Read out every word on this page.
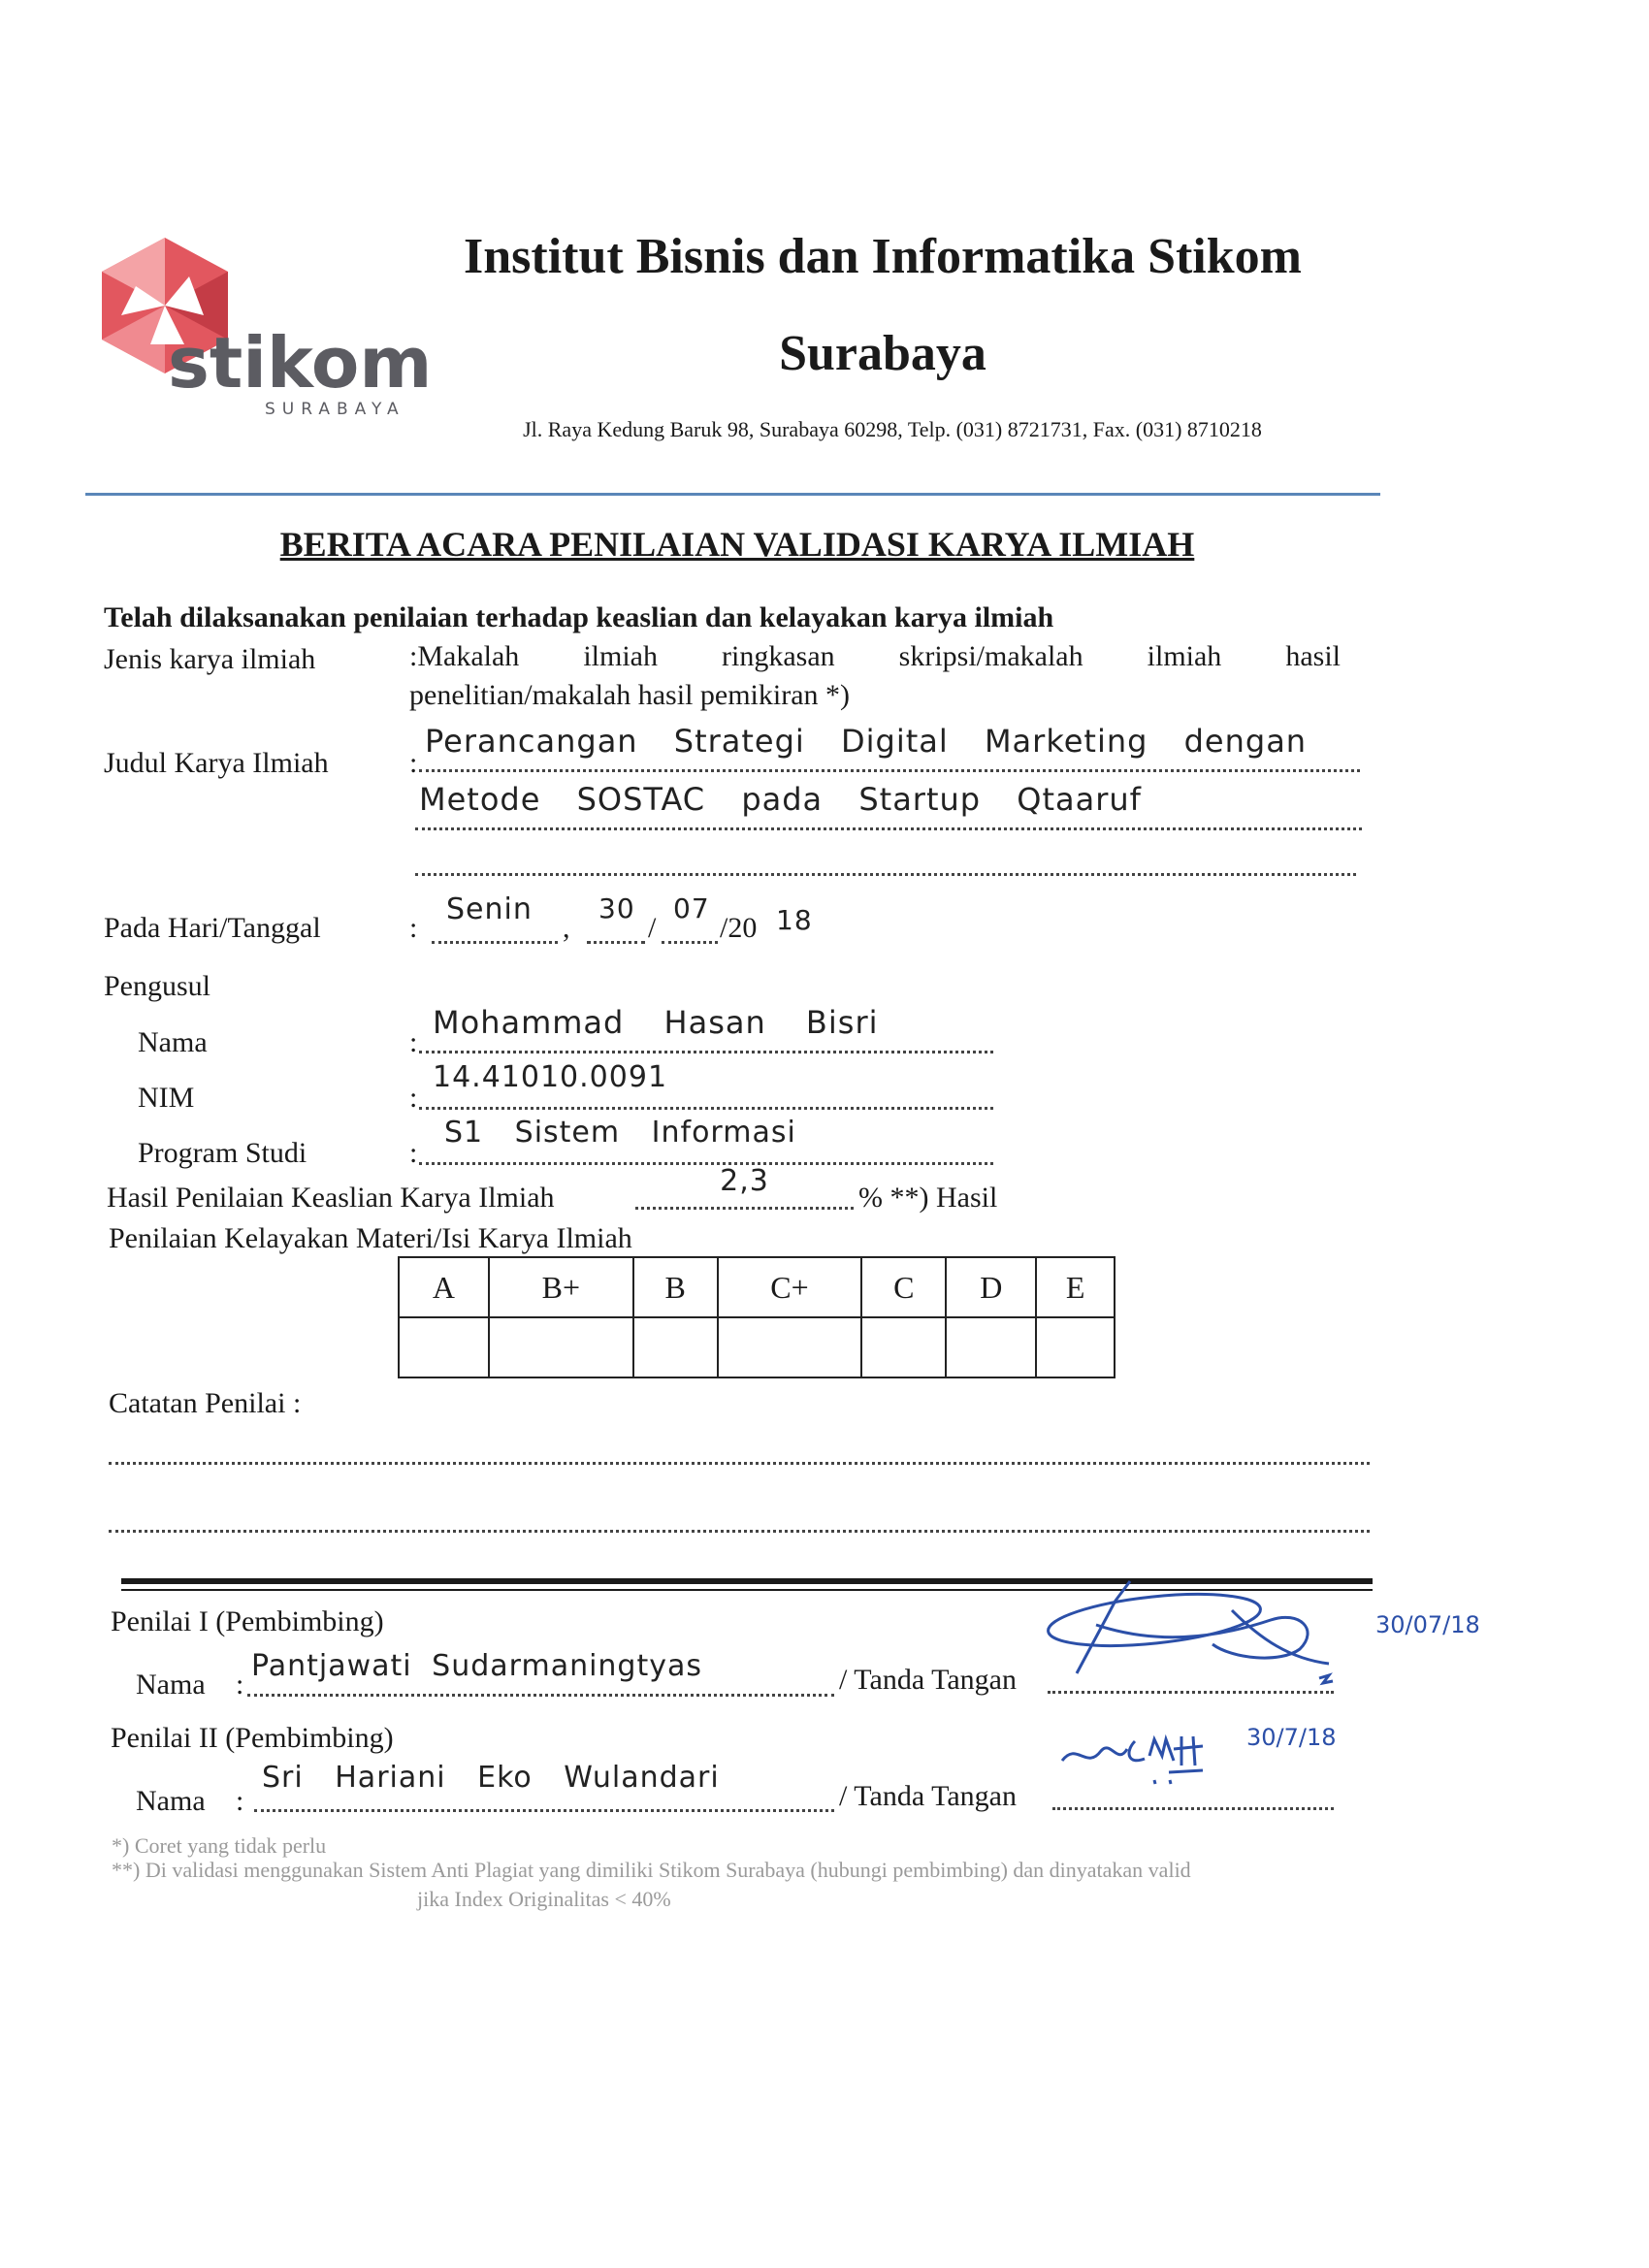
stikom
SURABAYA
Institut Bisnis dan Informatika Stikom
Surabaya
Jl. Raya Kedung Baruk 98, Surabaya 60298, Telp. (031) 8721731, Fax. (031) 8710218
BERITA ACARA PENILAIAN VALIDASI KARYA ILMIAH
Telah dilaksanakan penilaian terhadap keaslian dan kelayakan karya ilmiah
Jenis karya ilmiah	:Makalah ilmiah ringkasan skripsi/makalah ilmiah hasil
penelitian/makalah hasil pemikiran *)
Judul Karya Ilmiah	:
Perancangan Strategi Digital Marketing dengan
Metode SOSTAC pada Startup Qtaaruf
Pada Hari/Tanggal	:
Senin
,
30
/
07
/20 18
Pengusul
Nama	:
Mohammad Hasan Bisri
NIM	:
14.41010.0091
Program Studi	:
S1 Sistem Informasi
Hasil Penilaian Keaslian Karya Ilmiah	2,3	% **) Hasil
Penilaian Kelayakan Materi/Isi Karya Ilmiah
A	B+	B	C+	C	D	E

Catatan Penilai :
Penilai I (Pembimbing)
Nama :
Pantjawati Sudarmaningtyas	/ Tanda Tangan
30/07/18
Penilai II (Pembimbing)
Nama :
Sri Hariani Eko Wulandari
/ Tanda Tangan
30/7/18
*) Coret yang tidak perlu
**) Di validasi menggunakan Sistem Anti Plagiat yang dimiliki Stikom Surabaya (hubungi pembimbing) dan dinyatakan valid
jika Index Originalitas < 40%
